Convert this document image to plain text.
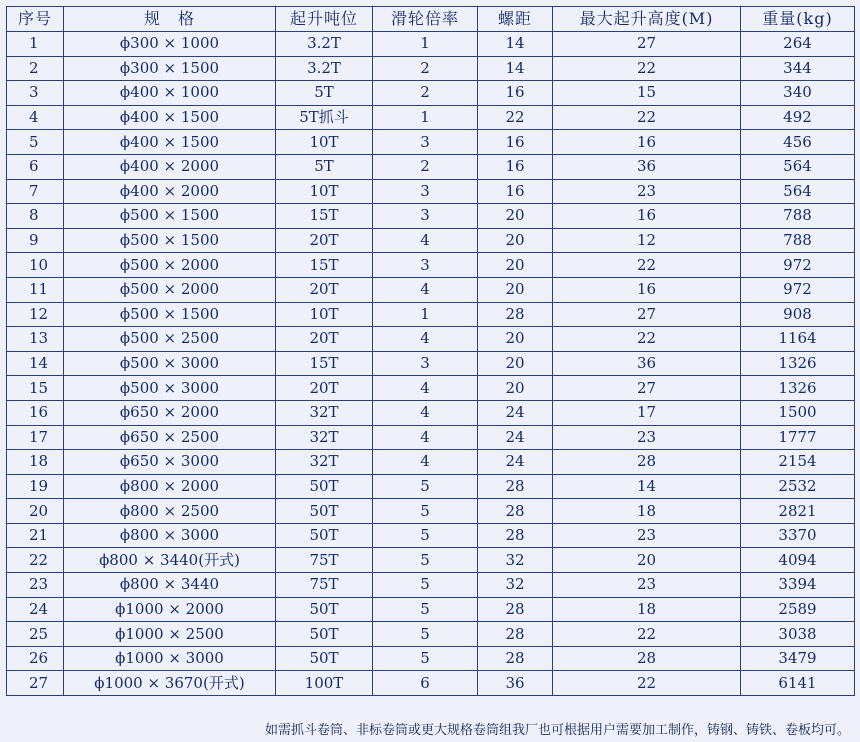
序号	规　格	起升吨位	滑轮倍率	螺距	最大起升高度(M)	重量(kg)
1	ϕ300 × 1000	3.2T	1	14	27	264
2	ϕ300 × 1500	3.2T	2	14	22	344
3	ϕ400 × 1000	5T	2	16	15	340
4	ϕ400 × 1500	5T抓斗	1	22	22	492
5	ϕ400 × 1500	10T	3	16	16	456
6	ϕ400 × 2000	5T	2	16	36	564
7	ϕ400 × 2000	10T	3	16	23	564
8	ϕ500 × 1500	15T	3	20	16	788
9	ϕ500 × 1500	20T	4	20	12	788
10	ϕ500 × 2000	15T	3	20	22	972
11	ϕ500 × 2000	20T	4	20	16	972
12	ϕ500 × 1500	10T	1	28	27	908
13	ϕ500 × 2500	20T	4	20	22	1164
14	ϕ500 × 3000	15T	3	20	36	1326
15	ϕ500 × 3000	20T	4	20	27	1326
16	ϕ650 × 2000	32T	4	24	17	1500
17	ϕ650 × 2500	32T	4	24	23	1777
18	ϕ650 × 3000	32T	4	24	28	2154
19	ϕ800 × 2000	50T	5	28	14	2532
20	ϕ800 × 2500	50T	5	28	18	2821
21	ϕ800 × 3000	50T	5	28	23	3370
22	ϕ800 × 3440(开式)	75T	5	32	20	4094
23	ϕ800 × 3440	75T	5	32	23	3394
24	ϕ1000 × 2000	50T	5	28	18	2589
25	ϕ1000 × 2500	50T	5	28	22	3038
26	ϕ1000 × 3000	50T	5	28	28	3479
27	ϕ1000 × 3670(开式)	100T	6	36	22	6141
如需抓斗卷筒、非标卷筒或更大规格卷筒组我厂也可根据用户需要加工制作，铸钢、铸铁、卷板均可。
